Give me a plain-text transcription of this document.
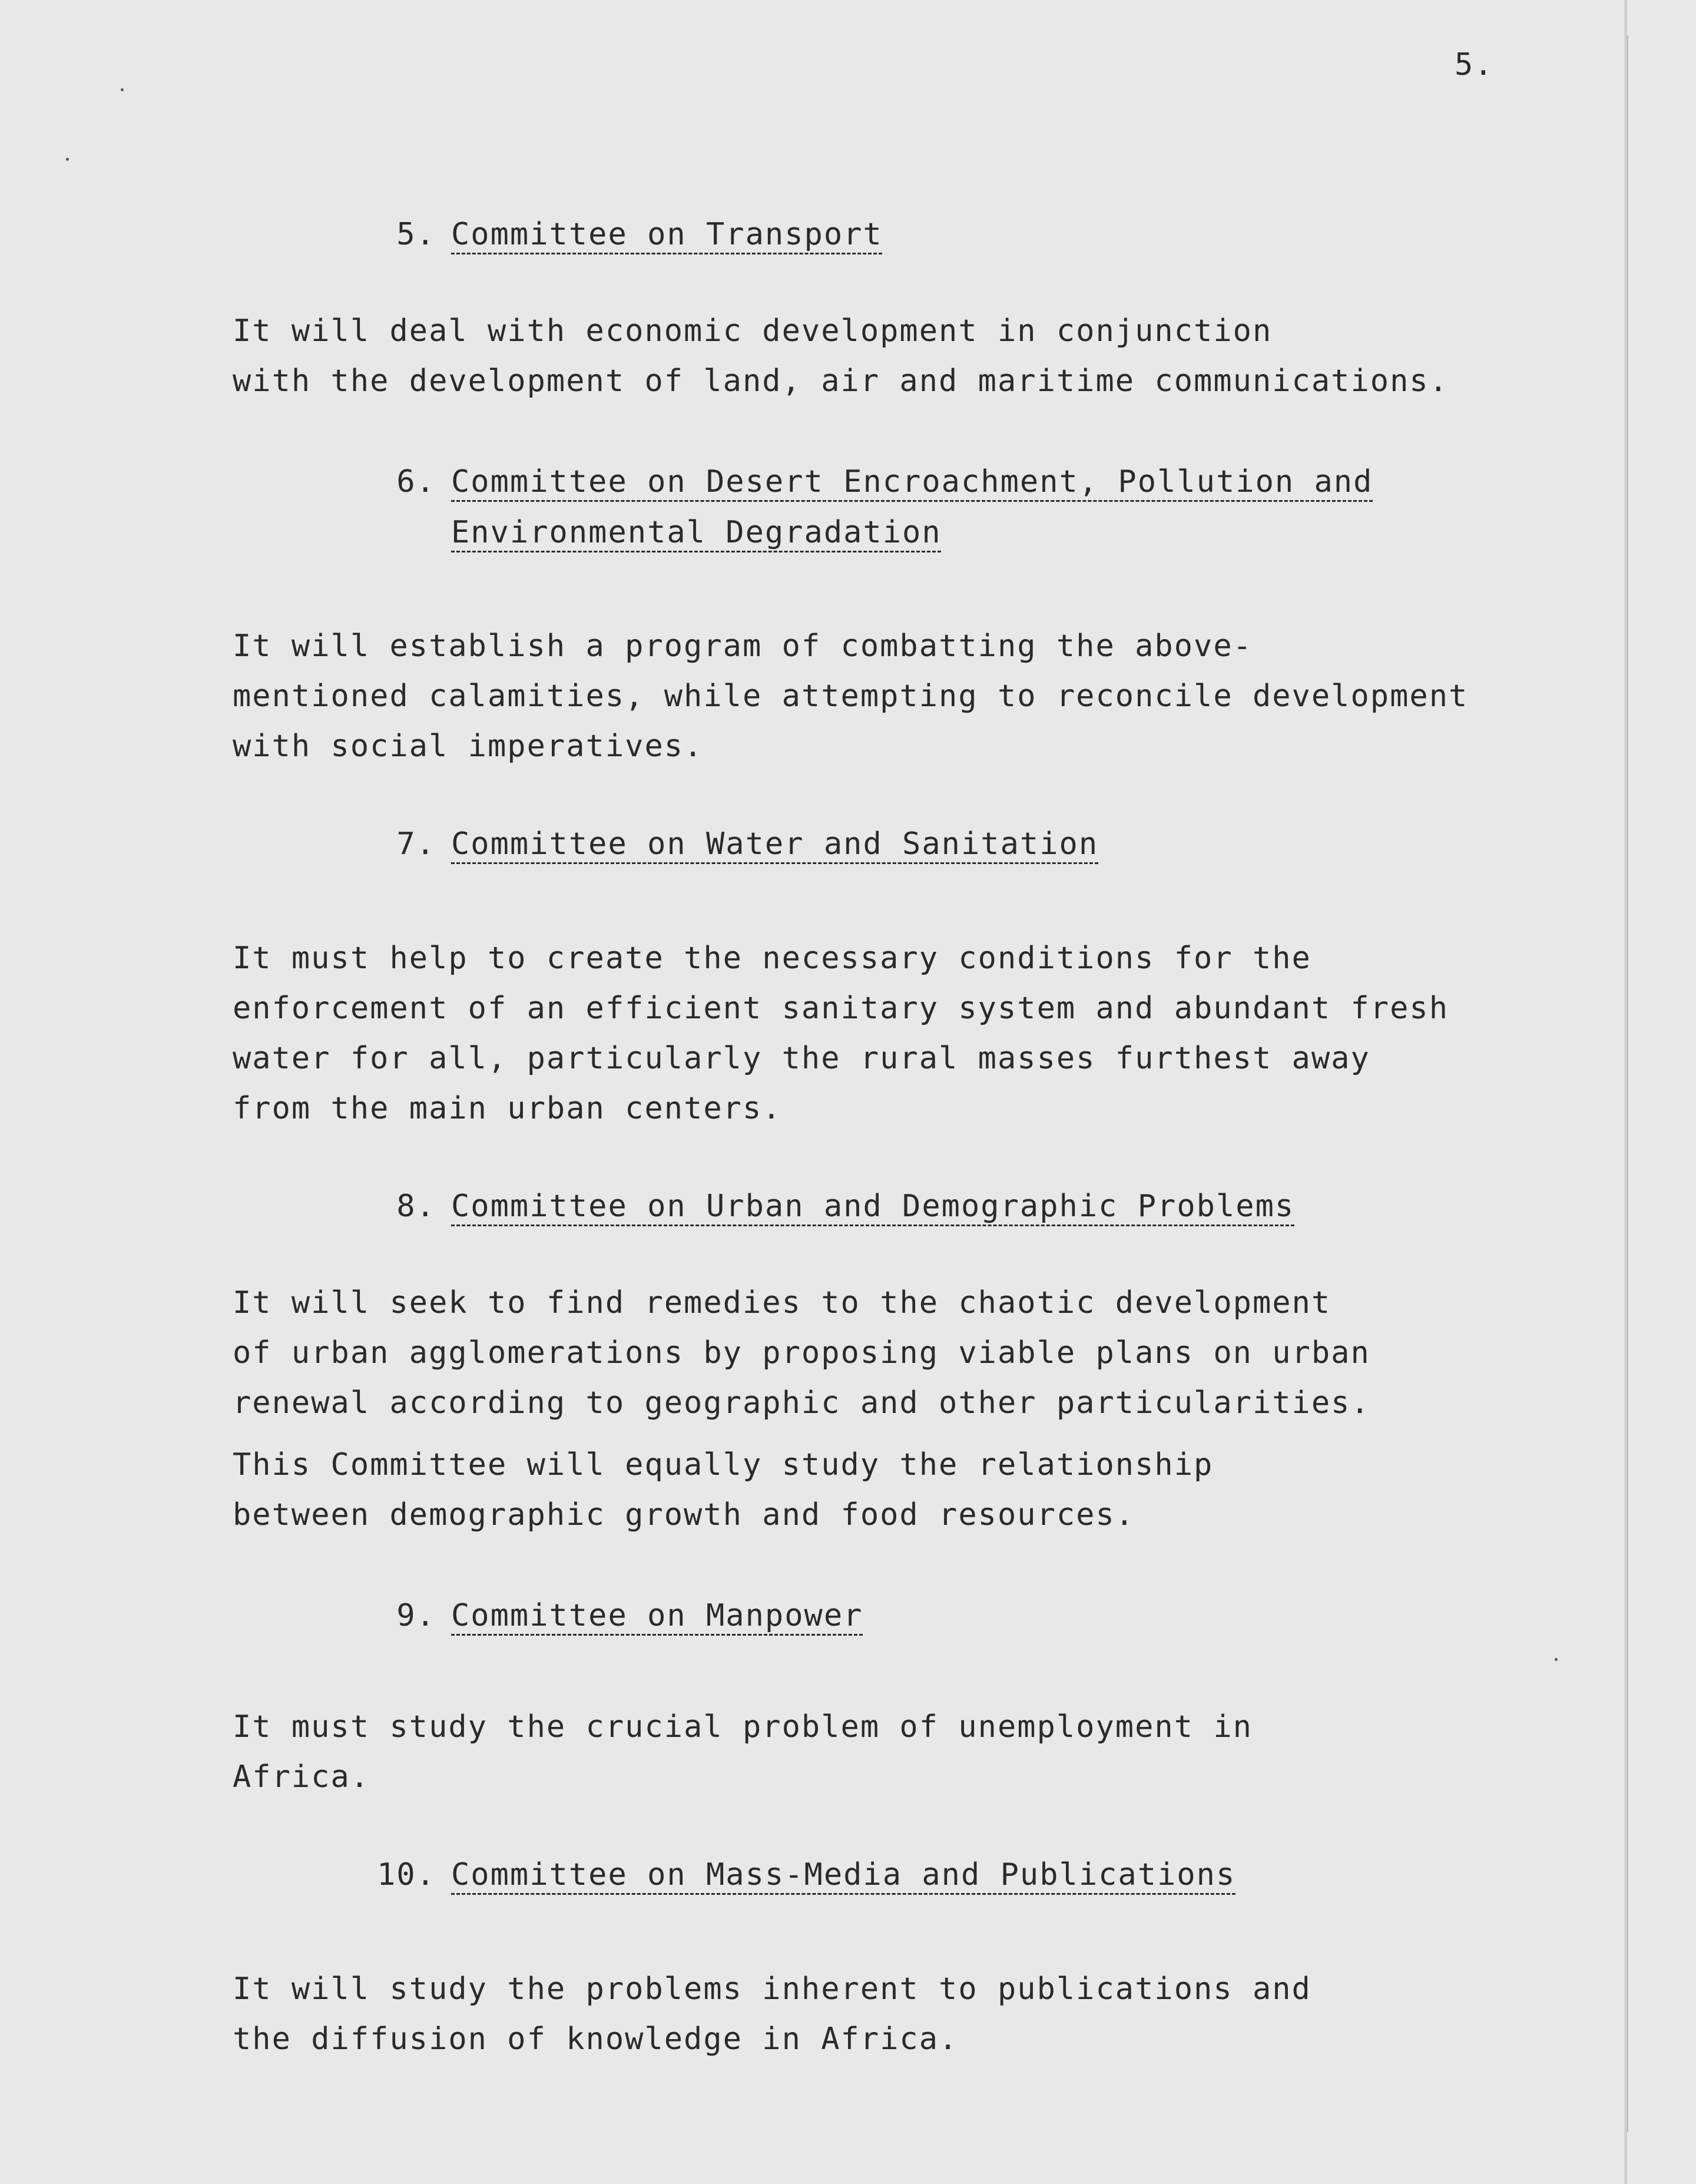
5.
5. Committee on Transport
It will deal with economic development in conjunction
with the development of land, air and maritime communications.
6. Committee on Desert Encroachment, Pollution and Environmental Degradation
It will establish a program of combatting the above-
mentioned calamities, while attempting to reconcile development
with social imperatives.
7. Committee on Water and Sanitation
It must help to create the necessary conditions for the
enforcement of an efficient sanitary system and abundant fresh
water for all, particularly the rural masses furthest away
from the main urban centers.
8. Committee on Urban and Demographic Problems
It will seek to find remedies to the chaotic development
of urban agglomerations by proposing viable plans on urban
renewal according to geographic and other particularities.
This Committee will equally study the relationship
between demographic growth and food resources.
9. Committee on Manpower
It must study the crucial problem of unemployment in
Africa.
10. Committee on Mass-Media and Publications
It will study the problems inherent to publications and
the diffusion of knowledge in Africa.
